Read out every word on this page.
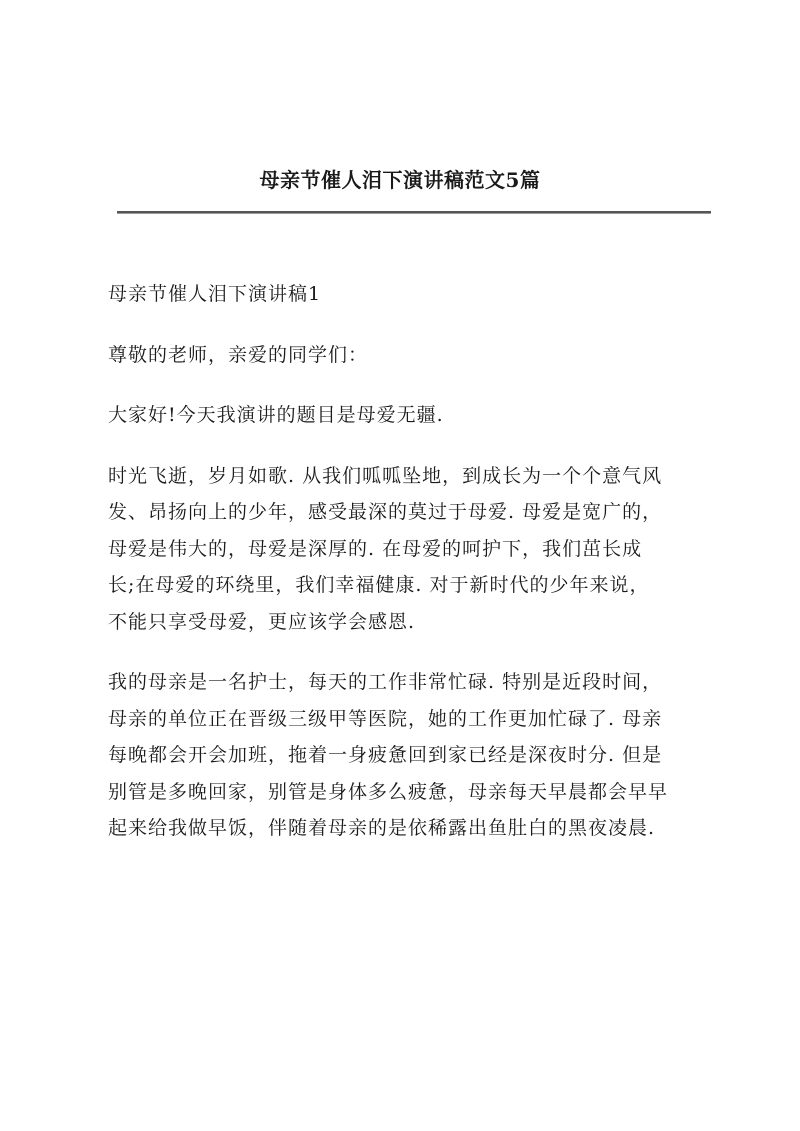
母亲节催人泪下演讲稿范文5篇

母亲节催人泪下演讲稿1

尊敬的老师，亲爱的同学们：

大家好!今天我演讲的题目是母爱无疆.

时光飞逝，岁月如歌. 从我们呱呱坠地，到成长为一个个意气风
发、昂扬向上的少年，感受最深的莫过于母爱. 母爱是宽广的，
母爱是伟大的，母爱是深厚的. 在母爱的呵护下，我们茁长成
长;在母爱的环绕里，我们幸福健康. 对于新时代的少年来说，
不能只享受母爱，更应该学会感恩.

我的母亲是一名护士，每天的工作非常忙碌. 特别是近段时间，
母亲的单位正在晋级三级甲等医院，她的工作更加忙碌了. 母亲
每晚都会开会加班，拖着一身疲惫回到家已经是深夜时分. 但是
别管是多晚回家，别管是身体多么疲惫，母亲每天早晨都会早早
起来给我做早饭，伴随着母亲的是依稀露出鱼肚白的黑夜凌晨.
